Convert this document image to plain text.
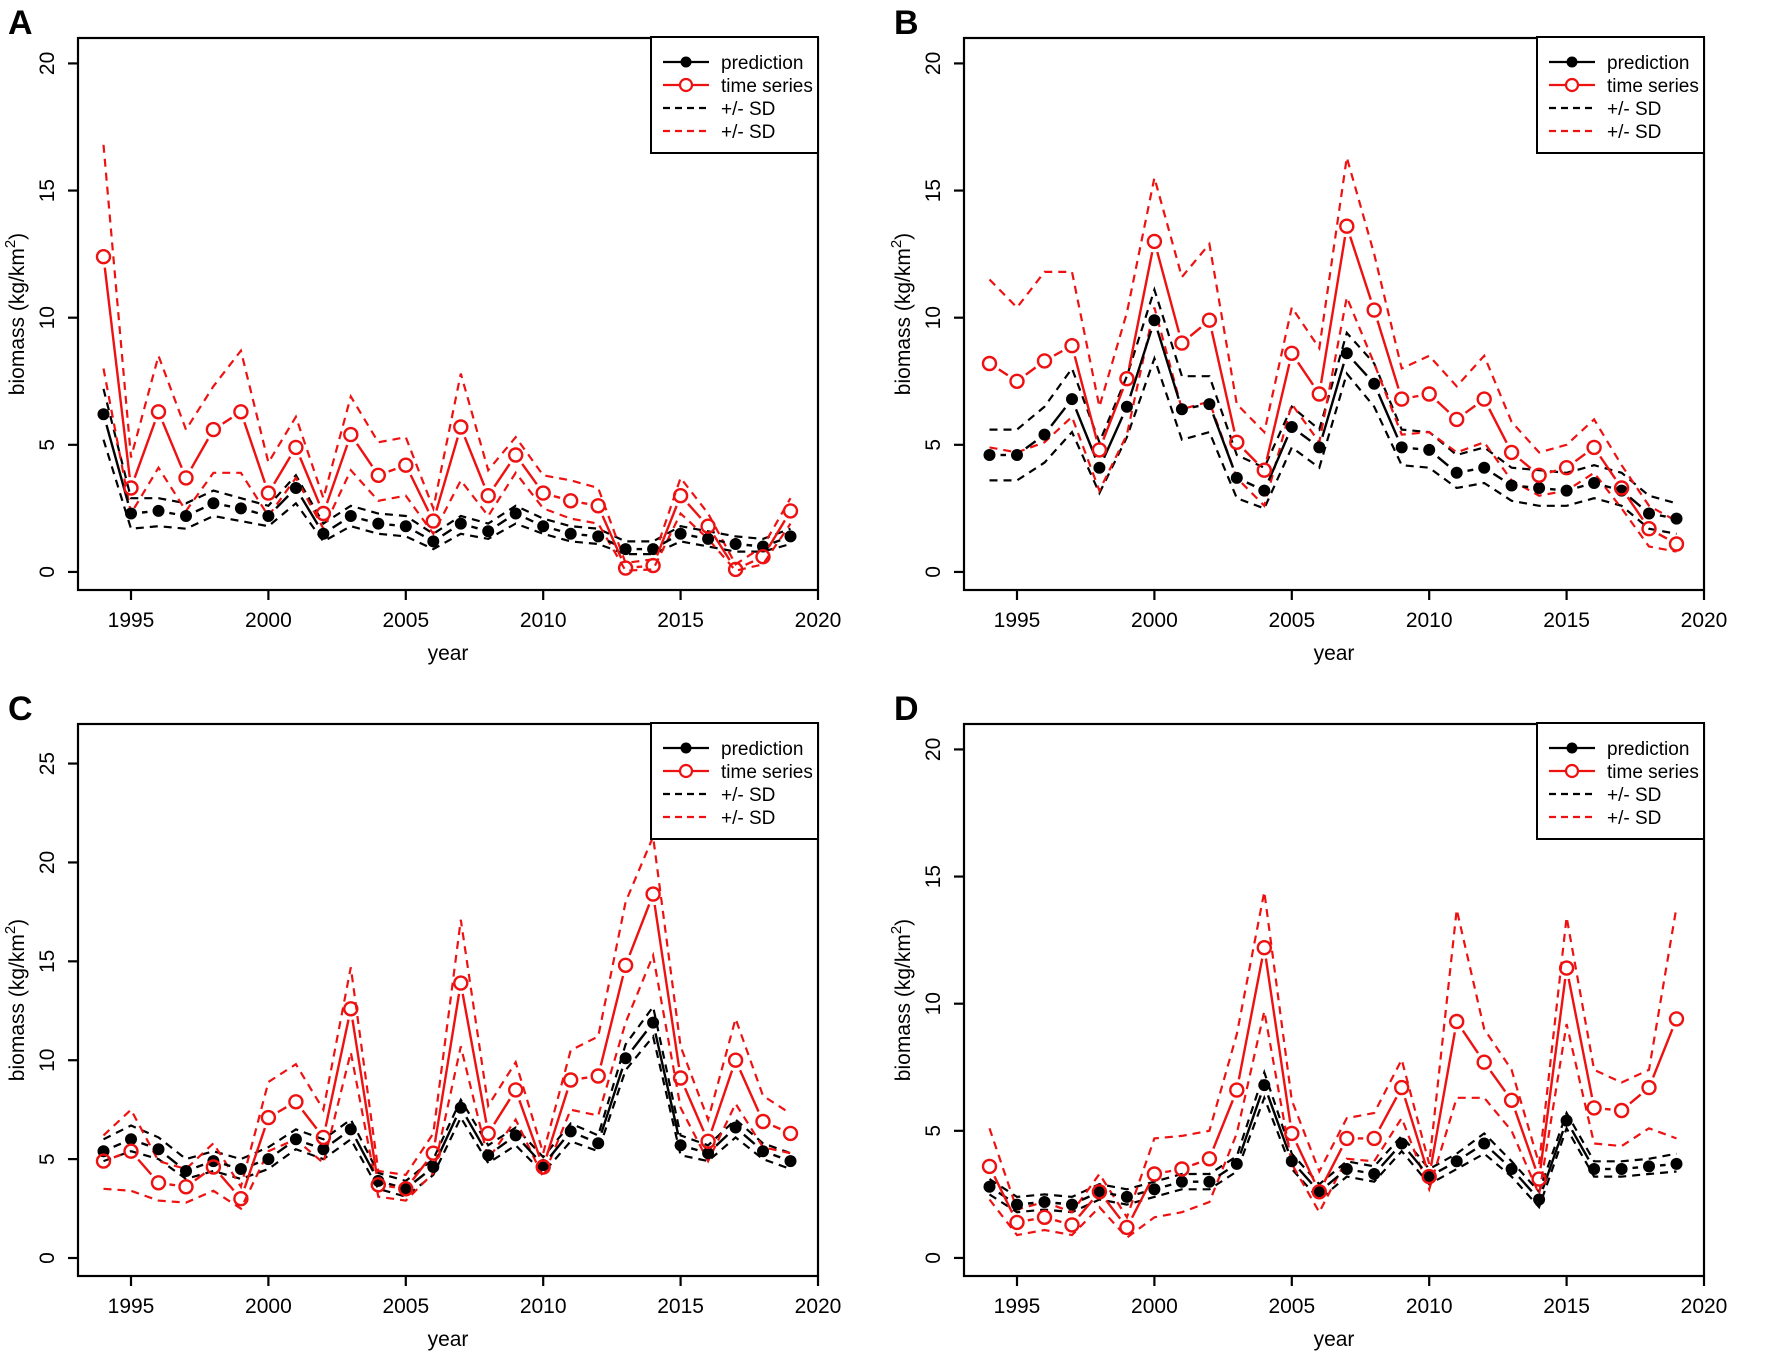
A
1995	2000	2005	2010	2015	2020
year
0
5
10
15
20
biomass $(kg/km^2)$
prediction
time series
+/- SD
+/- SD
B
1995	2000	2005	2010	2015	2020
year
0
5
10
15
20
biomass $(kg/km^2)$
prediction
time series
+/- SD
+/- SD
C
1995	2000	2005	2010	2015	2020
year
0
5
10
15
20
25
biomass $(kg/km^2)$
prediction
time series
+/- SD
+/- SD
D
1995	2000	2005	2010	2015	2020
year
0
5
10
15
20
biomass $(kg/km^2)$
prediction
time series
+/- SD
+/- SD
